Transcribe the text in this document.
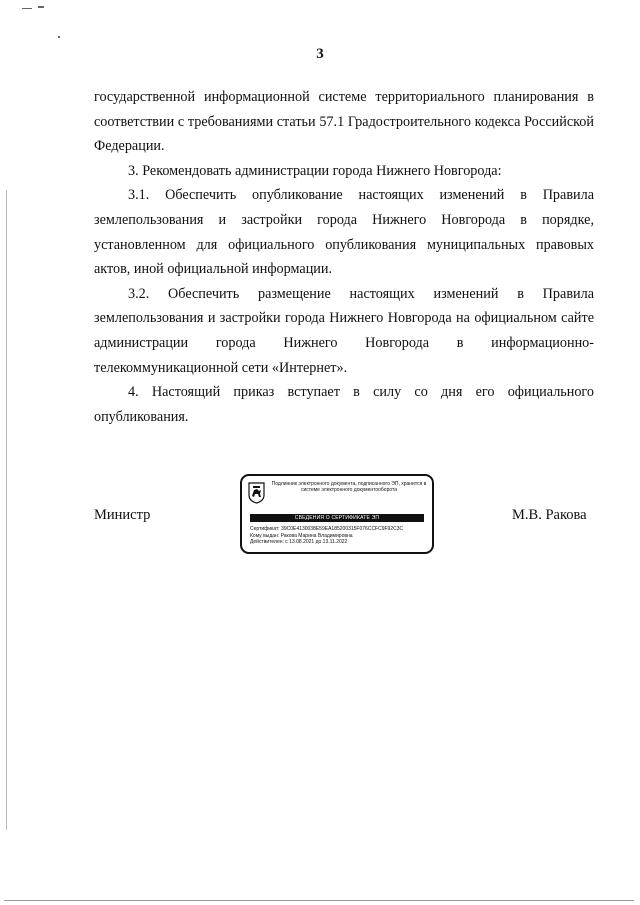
3

государственной информационной системе территориального планирования в соответствии с требованиями статьи 57.1 Градостроительного кодекса Российской Федерации.

3. Рекомендовать администрации города Нижнего Новгорода:

3.1. Обеспечить опубликование настоящих изменений в Правила землепользования и застройки города Нижнего Новгорода в порядке, установленном для официального опубликования муниципальных правовых актов, иной официальной информации.

3.2. Обеспечить размещение настоящих изменений в Правила землепользования и застройки города Нижнего Новгорода на официальном сайте администрации города Нижнего Новгорода в информационно-телекоммуникационной сети «Интернет».

4. Настоящий приказ вступает в силу со дня его официального опубликования.

Министр	М.В. Ракова
Подлинник электронного документа, подписанного ЭП, хранится в системе электронного документооборота
СВЕДЕНИЯ О СЕРТИФИКАТЕ ЭП
Сертификат: 39C0E4130038E59EA185200315F076CCFC9F92C3C
Кому выдан: Ракова Марина Владимировна
Действителен: с 13.08.2021 до 13.11.2022
